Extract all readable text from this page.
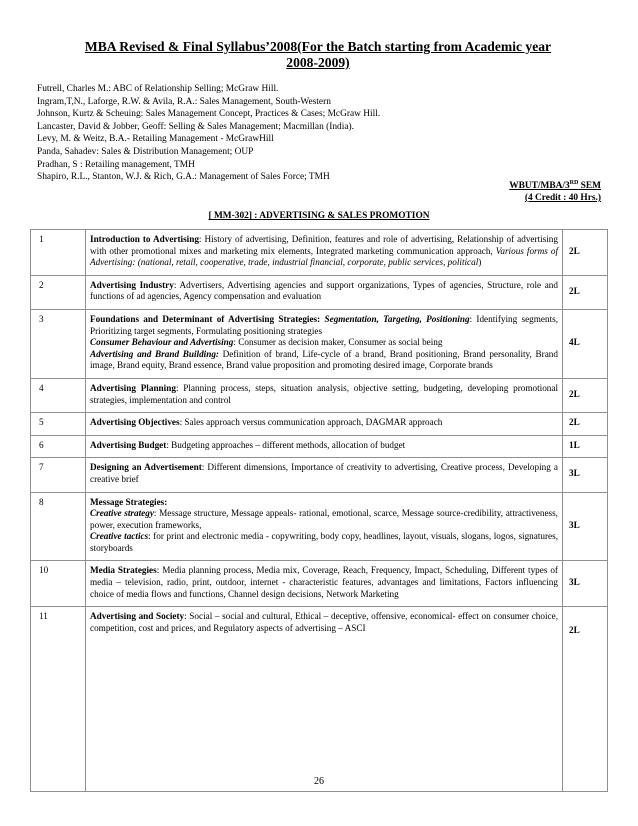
MBA Revised & Final Syllabus’2008(For the Batch starting from Academic year
2008-2009)
Futrell, Charles M.: ABC of Relationship Selling; McGraw Hill.
Ingram,T,N., Laforge, R.W. & Avila, R.A.: Sales Management, South-Western
Johnson, Kurtz & Scheuing: Sales Management Concept, Practices & Cases; McGraw Hill.
Lancaster, David & Jobber, Geoff: Selling & Sales Management; Macmillan (India).
Levy, M. & Weitz, B.A.- Retailing Management - McGrawHill
Panda, Sahadev: Sales & Distribution Management; OUP
Pradhan, S : Retailing management, TMH
Shapiro, R.L., Stanton, W.J. & Rich, G.A.: Management of Sales Force; TMH
WBUT/MBA/3RD SEM
(4 Credit : 40 Hrs.)
[ MM-302] : ADVERTISING & SALES PROMOTION
1	Introduction to Advertising: History of advertising, Definition, features and role of advertising, Relationship of advertising with other promotional mixes and marketing mix elements, Integrated marketing communication approach, Various forms of Advertising: (national, retail, cooperative, trade, industrial financial, corporate, public services, political)	2L
2	Advertising Industry: Advertisers, Advertising agencies and support organizations, Types of agencies, Structure, role and functions of ad agencies, Agency compensation and evaluation	2L
3	Foundations and Determinant of Advertising Strategies: Segmentation, Targeting, Positioning: Identifying segments, Prioritizing target segments, Formulating positioning strategies
Consumer Behaviour and Advertising: Consumer as decision maker, Consumer as social being
Advertising and Brand Building: Definition of brand, Life-cycle of a brand, Brand positioning, Brand personality, Brand image, Brand equity, Brand essence, Brand value proposition and promoting desired image, Corporate brands	4L
4	Advertising Planning: Planning process, steps, situation analysis, objective setting, budgeting, developing promotional strategies, implementation and control	2L
5	Advertising Objectives: Sales approach versus communication approach, DAGMAR approach	2L
6	Advertising Budget: Budgeting approaches – different methods, allocation of budget	1L
7	Designing an Advertisement: Different dimensions, Importance of creativity to advertising, Creative process, Developing a creative brief	3L
8	Message Strategies:
Creative strategy: Message structure, Message appeals- rational, emotional, scarce, Message source-credibility, attractiveness, power, execution frameworks,
Creative tactics: for print and electronic media - copywriting, body copy, headlines, layout, visuals, slogans, logos, signatures, storyboards	3L
10	Media Strategies: Media planning process, Media mix, Coverage, Reach, Frequency, Impact, Scheduling, Different types of media – television, radio, print, outdoor, internet - characteristic features, advantages and limitations, Factors influencing choice of media flows and functions, Channel design decisions, Network Marketing	3L
11	Advertising and Society: Social – social and cultural, Ethical – deceptive, offensive, economical- effect on consumer choice, competition, cost and prices, and Regulatory aspects of advertising – ASCI	2L
26
